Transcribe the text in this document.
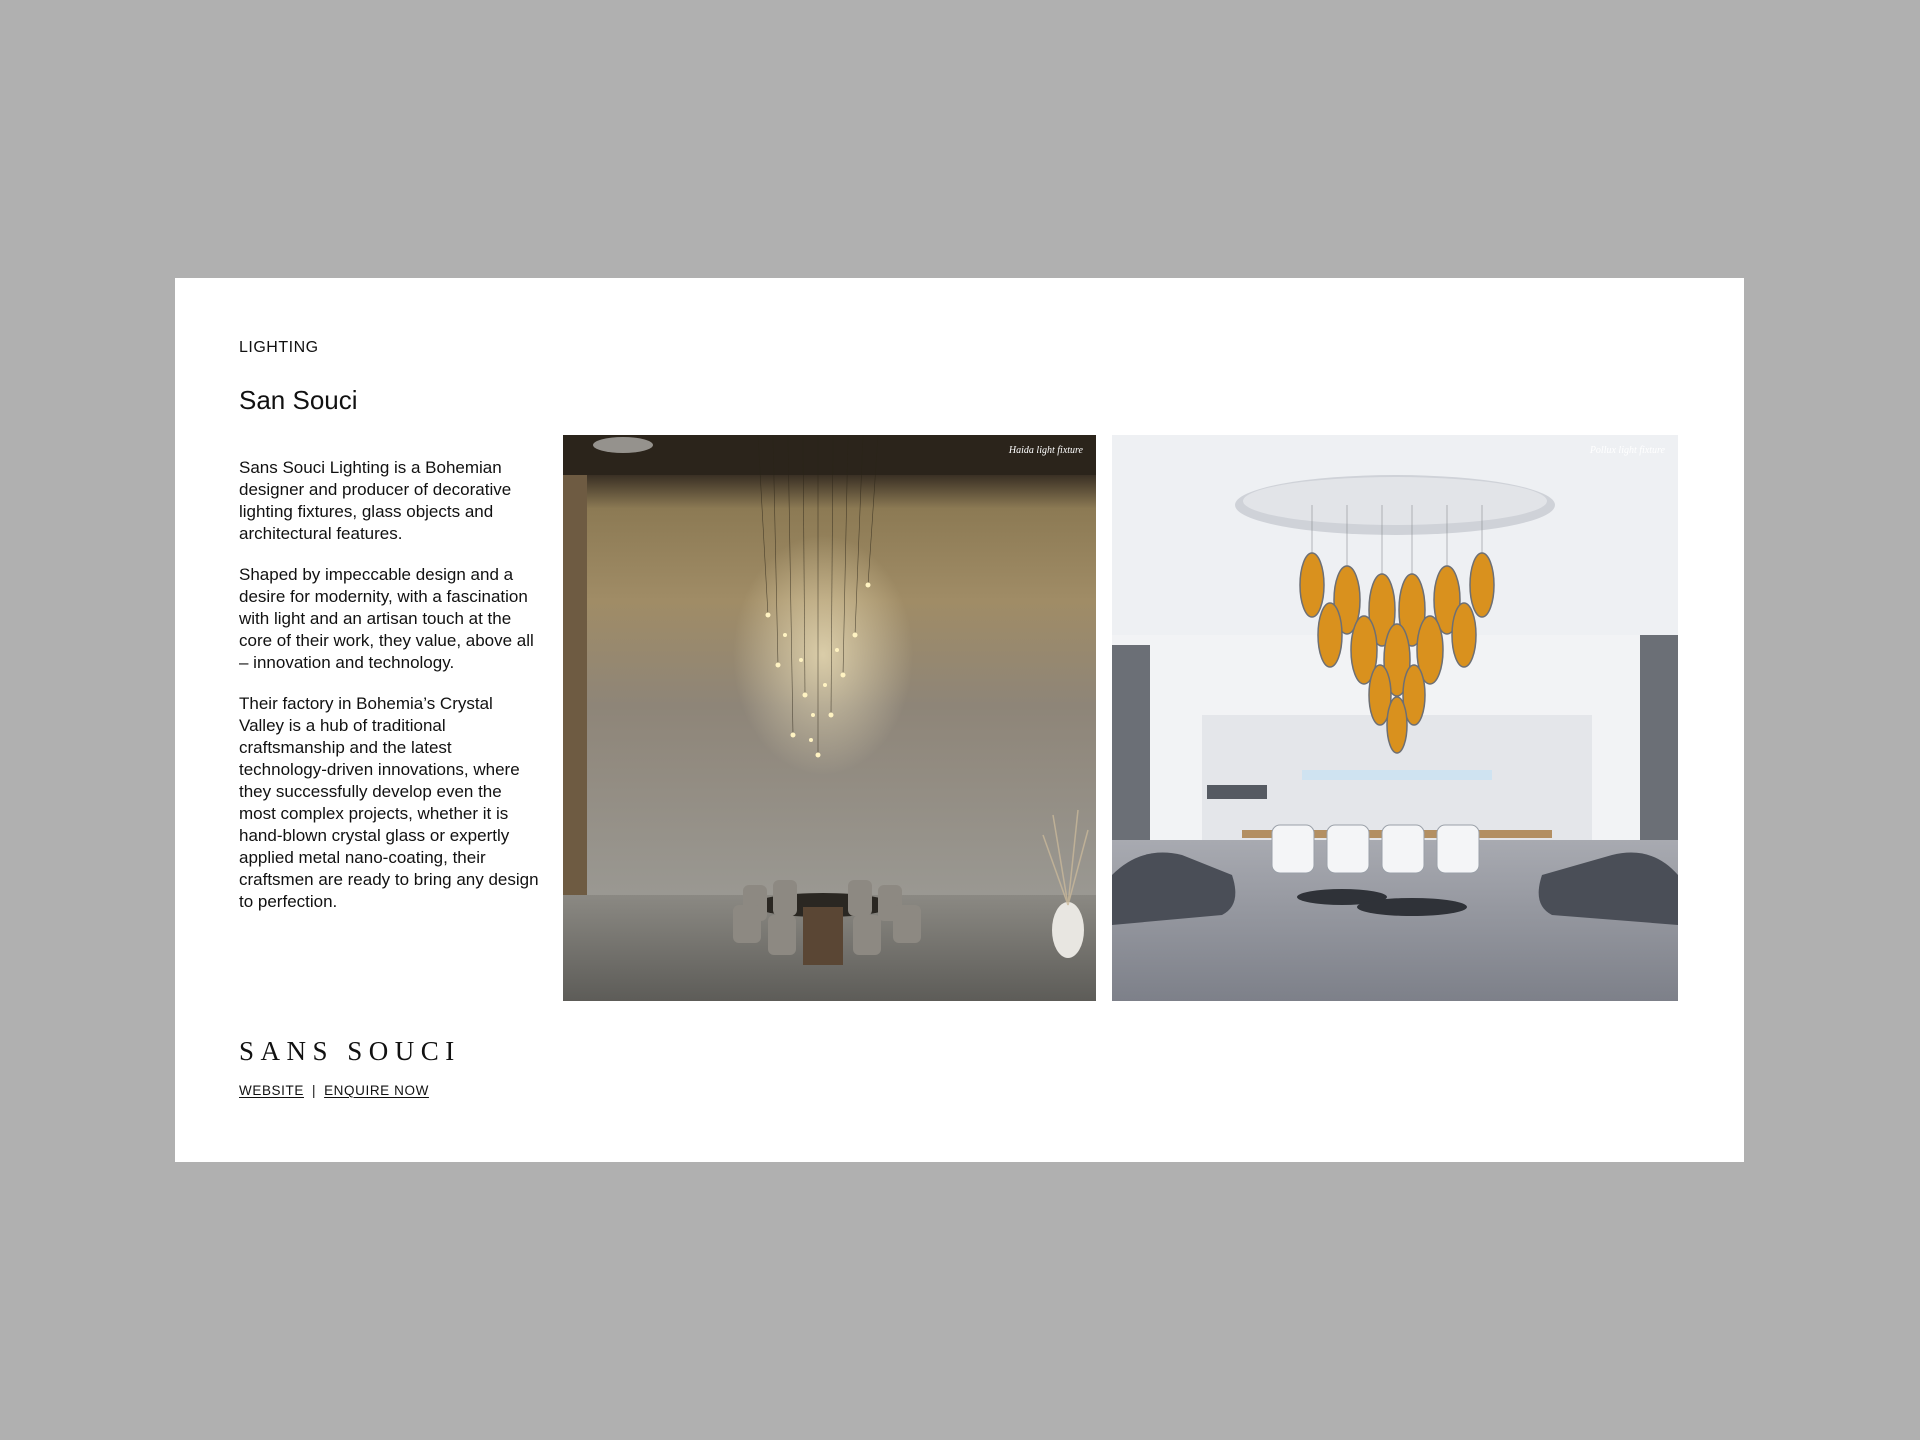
LIGHTING
San Souci

Sans Souci Lighting is a Bohemian designer and producer of decorative lighting fixtures, glass objects and architectural features.

Shaped by impeccable design and a desire for modernity, with a fascination with light and an artisan touch at the core of their work, they value, above all – innovation and technology.

Their factory in Bohemia’s Crystal Valley is a hub of traditional craftsmanship and the latest technology-driven innovations, where they successfully develop even the most complex projects, whether it is hand-blown crystal glass or expertly applied metal nano-coating, their craftsmen are ready to bring any design to perfection.

SANS SOUCI
WEBSITE | ENQUIRE NOW
Haida light fixture	Pollux light fixture
